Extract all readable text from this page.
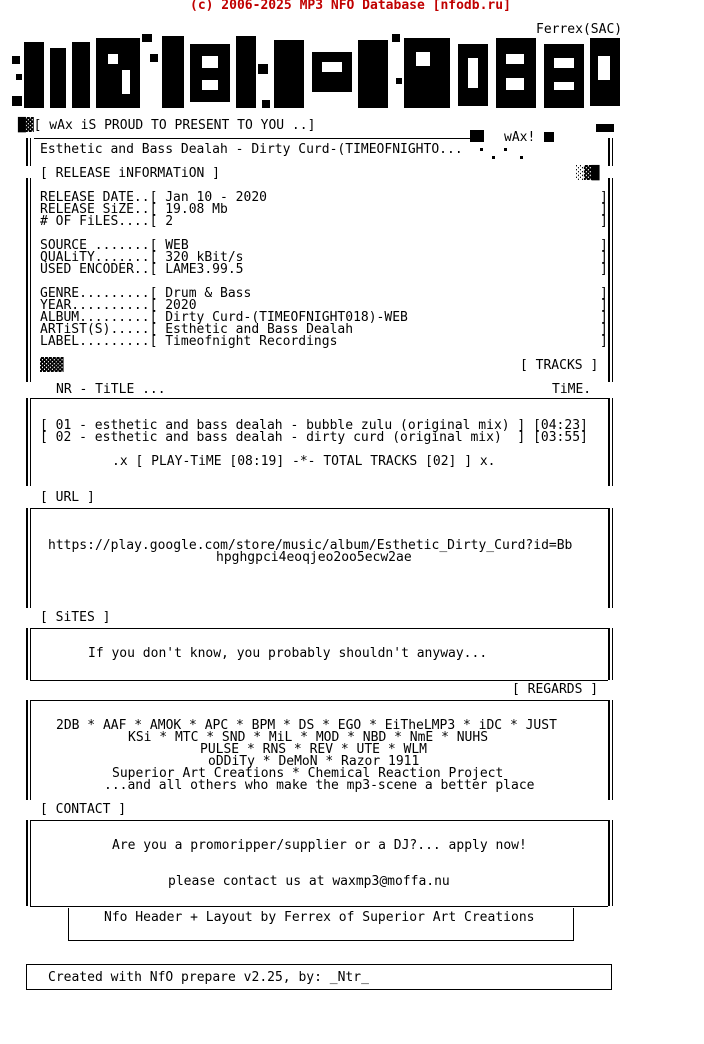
(c) 2006-2025 MP3 NFO Database [nfodb.ru]
Ferrex(SAC)
█▓[ wAx iS PROUD TO PRESENT TO YOU ..]
wAx!
Esthetic and Bass Dealah - Dirty Curd-(TIMEOFNIGHTO...
[ RELEASE iNFORMATiON ]	░▓█
RELEASE DATE..[ Jan 10 - 2020
RELEASE SiZE..[ 19.08 Mb
# OF FiLES....[ 2
SOURCE .......[ WEB
QUALiTY.......[ 320 kBit/s
USED ENCODER..[ LAME3.99.5
GENRE.........[ Drum & Bass
YEAR..........[ 2020
ALBUM.........[ Dirty Curd-(TIMEOFNIGHT018)-WEB
ARTiST(S).....[ Esthetic and Bass Dealah
LABEL.........[ Timeofnight Recordings
]
]
]

]
]
]

]
]
]
]
]
[ TRACKS ]
▓▓▓
NR - TiTLE ...	TiME.
[ 01 - esthetic and bass dealah - bubble zulu (original mix) ] [04:23]
[ 02 - esthetic and bass dealah - dirty curd (original mix)  ] [03:55]
.x [ PLAY-TiME [08:19] -*- TOTAL TRACKS [02] ] x.
[ URL ]
https://play.google.com/store/music/album/Esthetic_Dirty_Curd?id=Bb
hpghgpci4eoqjeo2oo5ecw2ae
[ SiTES ]
If you don't know, you probably shouldn't anyway...
[ REGARDS ]
2DB * AAF * AMOK * APC * BPM * DS * EGO * EiTheLMP3 * iDC * JUST
KSi * MTC * SND * MiL * MOD * NBD * NmE * NUHS
PULSE * RNS * REV * UTE * WLM
oDDiTy * DeMoN * Razor 1911
Superior Art Creations * Chemical Reaction Project
...and all others who make the mp3-scene a better place
[ CONTACT ]
Are you a promoripper/supplier or a DJ?... apply now!
please contact us at waxmp3@moffa.nu
Nfo Header + Layout by Ferrex of Superior Art Creations
Created with NfO prepare v2.25, by: _Ntr_
